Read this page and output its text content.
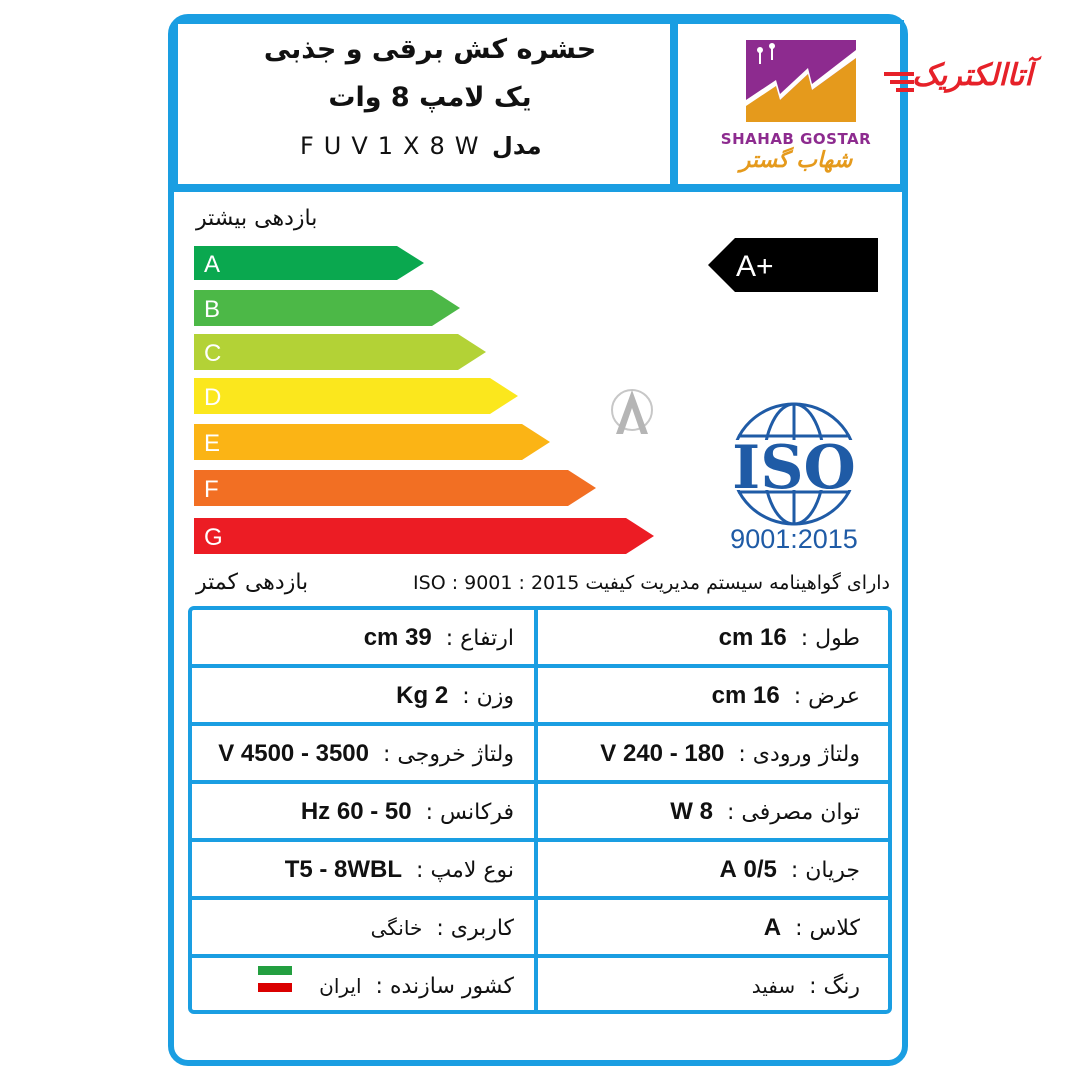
حشره کش برقی و جذبی
یک لامپ 8 وات
FUV1X8W مدل	SHAHAB GOSTAR
شهاب گستر
آتاالکتریک
بازدهی بیشتر
بازدهی کمتر
A
B
C
D
E
F
G
A+
ISO
9001:2015
دارای گواهینامه سیستم مدیریت کیفیت ISO : 9001 : 2015
طول :  16 cm
ارتفاع :  39 cm
عرض :  16 cm
وزن :  2 Kg
ولتاژ ورودی :  180 - 240 V
ولتاژ خروجی :  3500 - 4500 V
توان مصرفی :  8 W
فرکانس :  50 - 60 Hz
جریان :  0/5 A
نوع لامپ :  T5 - 8WBL
کلاس :  A
کاربری :  خانگی
رنگ :  سفید
کشور سازنده :  ایران
